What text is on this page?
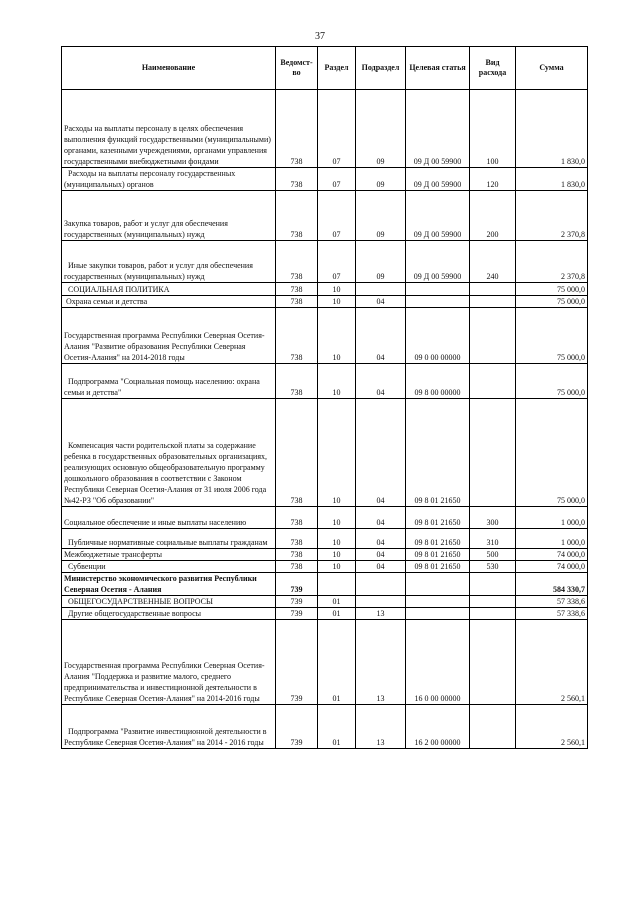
37
Наименование	Ведомст-во	Раздел	Подраздел	Целевая статья	Вид расхода	Сумма
Расходы на выплаты персоналу в целях обеспечения выполнения функций государственными (муниципальными) органами, казенными учреждениями, органами управления государственными внебюджетными фондами	738	07	09	09 Д 00 59900	100	1 830,0
Расходы на выплаты персоналу государственных (муниципальных) органов	738	07	09	09 Д 00 59900	120	1 830,0
Закупка товаров, работ и услуг для обеспечения государственных (муниципальных) нужд	738	07	09	09 Д 00 59900	200	2 370,8
Иные закупки товаров, работ и услуг для обеспечения государственных (муниципальных) нужд	738	07	09	09 Д 00 59900	240	2 370,8
СОЦИАЛЬНАЯ ПОЛИТИКА	738	10				75 000,0
Охрана семьи и детства	738	10	04			75 000,0
Государственная программа Республики Северная Осетия-Алания "Развитие образования Республики Северная Осетия-Алания" на 2014-2018 годы	738	10	04	09 0 00 00000		75 000,0
Подпрограмма "Социальная помощь населению: охрана семьи и детства"	738	10	04	09 8 00 00000		75 000,0
Компенсация части родительской платы за содержание ребенка в государственных образовательных организациях, реализующих основную общеобразовательную программу дошкольного образования в соответствии с Законом Республики Северная Осетия-Алания от 31 июля 2006 года №42-РЗ "Об образовании"	738	10	04	09 8 01 21650		75 000,0
Социальное обеспечение и иные выплаты населению	738	10	04	09 8 01 21650	300	1 000,0
Публичные нормативные социальные выплаты гражданам	738	10	04	09 8 01 21650	310	1 000,0
Межбюджетные трансферты	738	10	04	09 8 01 21650	500	74 000,0
Субвенции	738	10	04	09 8 01 21650	530	74 000,0
Министерство экономического развития Республики Северная Осетия - Алания	739					584 330,7
ОБЩЕГОСУДАРСТВЕННЫЕ ВОПРОСЫ	739	01				57 338,6
Другие общегосударственные вопросы	739	01	13			57 338,6
Государственная программа Республики Северная Осетия-Алания "Поддержка и развитие малого, среднего предпринимательства и инвестиционной деятельности в Республике Северная Осетия-Алания" на 2014-2016 годы	739	01	13	16 0 00 00000		2 560,1
Подпрограмма "Развитие инвестиционной деятельности в Республике Северная Осетия-Алания" на 2014 - 2016 годы	739	01	13	16 2 00 00000		2 560,1
